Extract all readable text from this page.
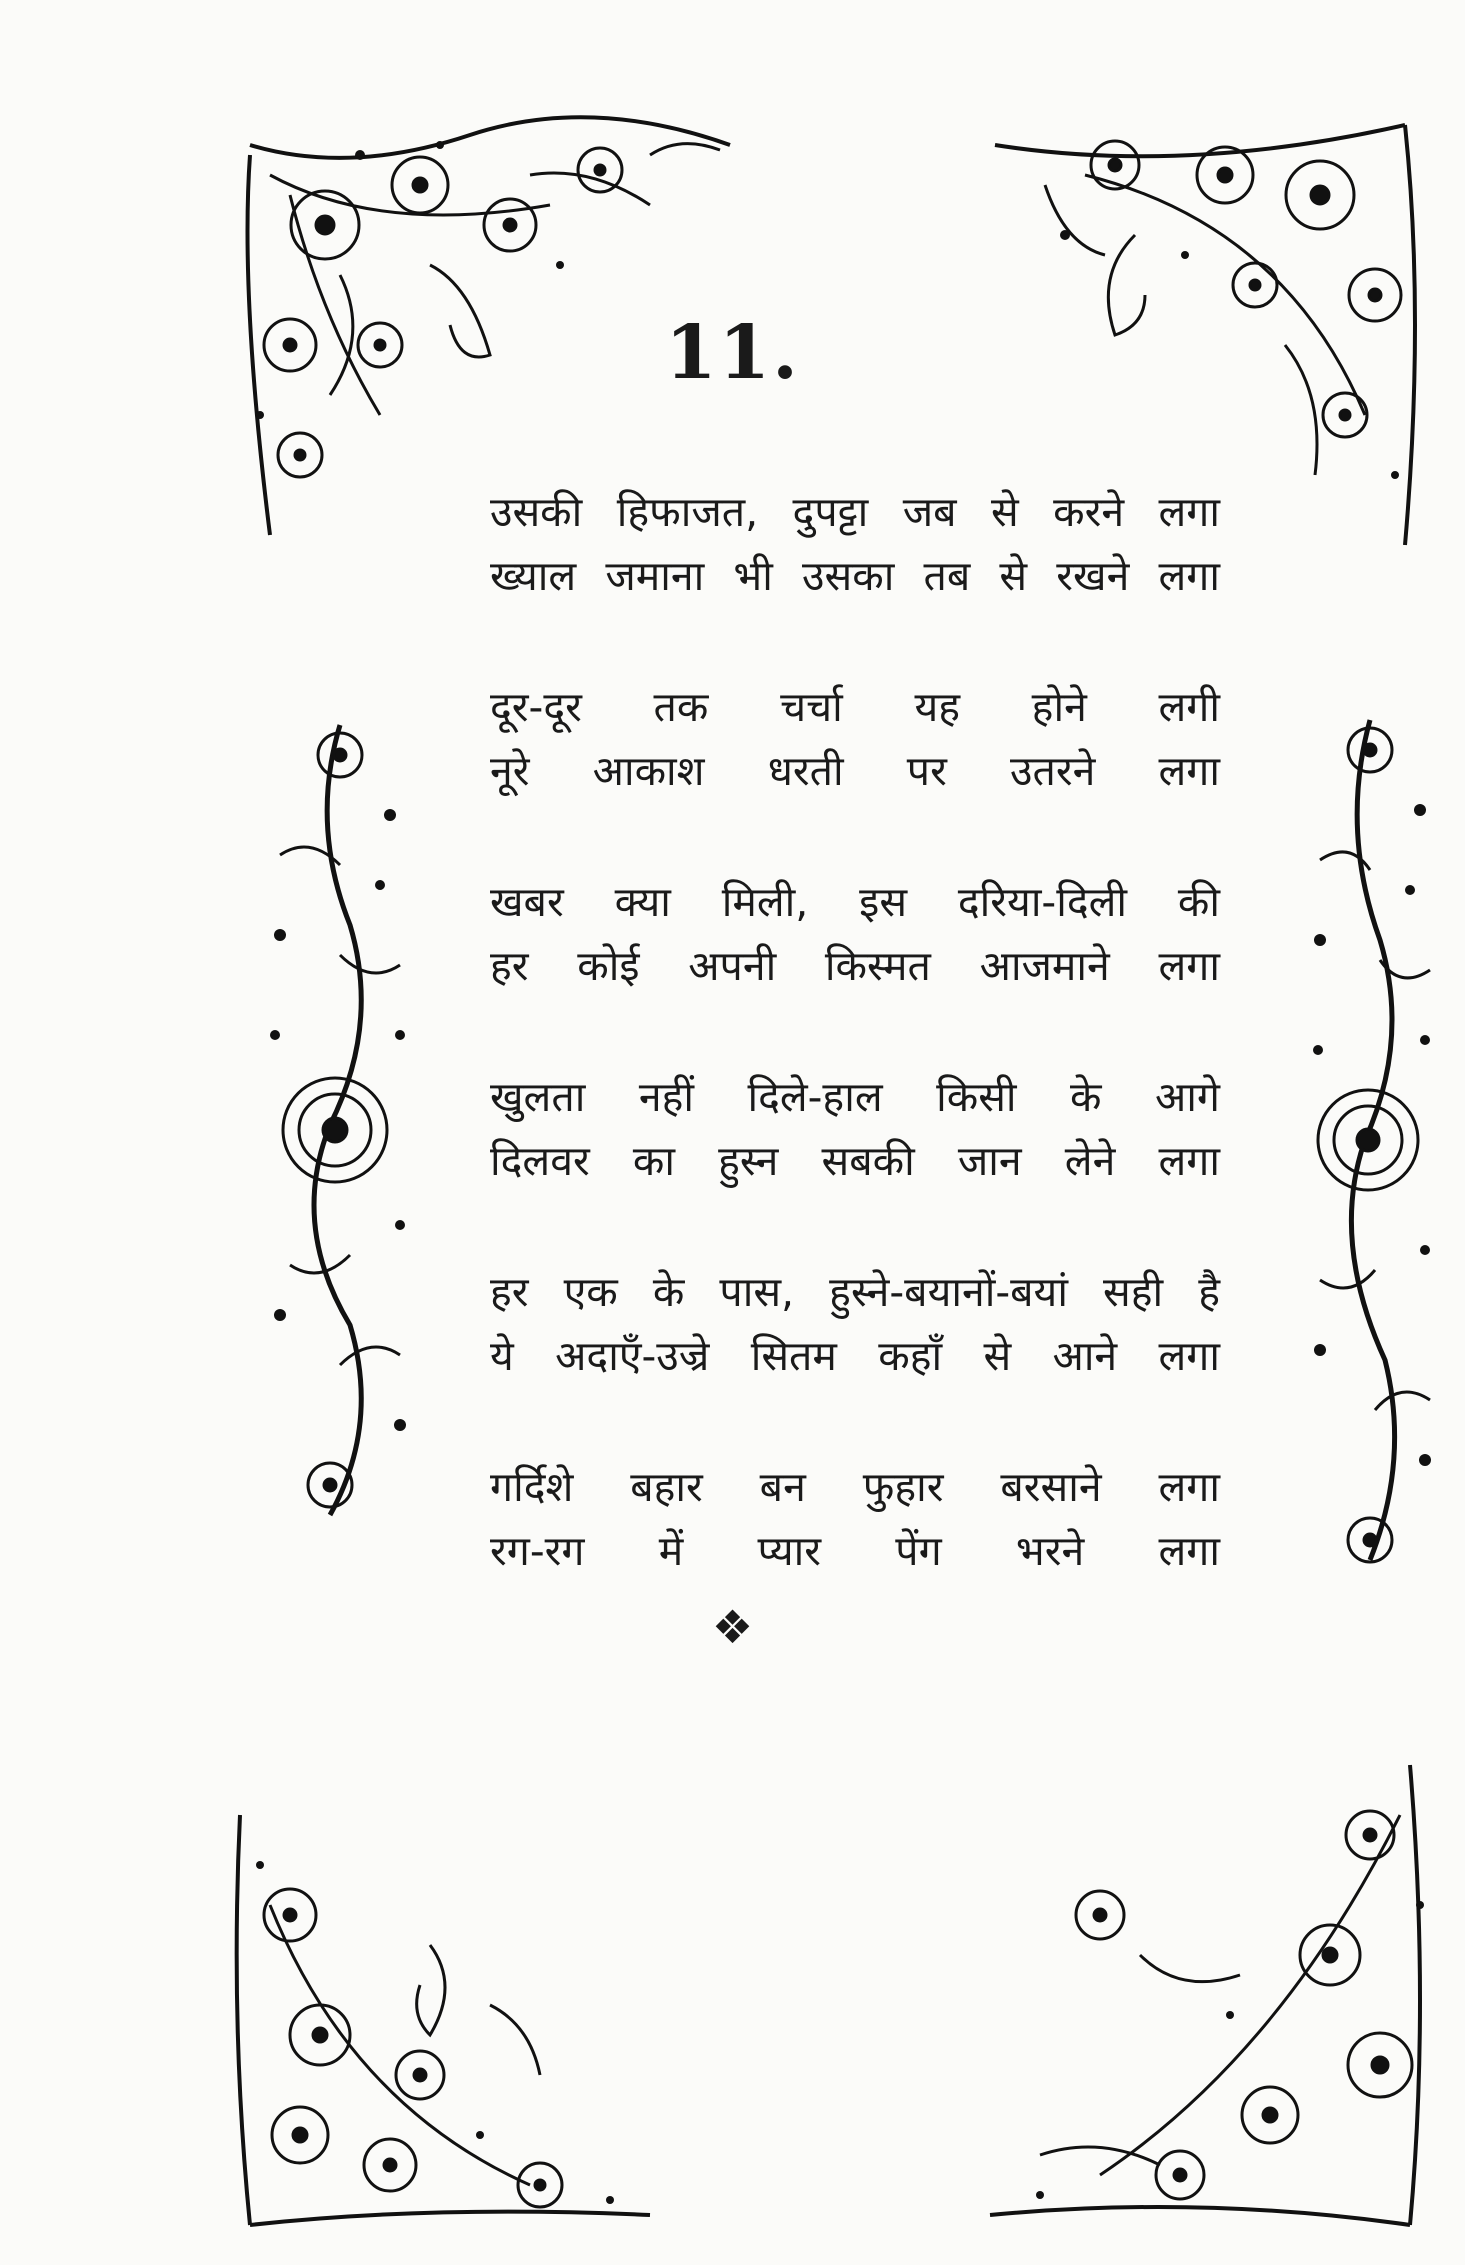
11.
उसकी हिफाजत, दुपट्टा जब से करने लगा
ख्याल जमाना भी उसका तब से रखने लगा
दूर-दूर तक चर्चा यह होने लगी
नूरे आकाश धरती पर उतरने लगा
खबर क्या मिली, इस दरिया-दिली की
हर कोई अपनी किस्मत आजमाने लगा
खुलता नहीं दिले-हाल किसी के आगे
दिलवर का हुस्न सबकी जान लेने लगा
हर एक के पास, हुस्ने-बयानों-बयां सही है
ये अदाएँ-उज्रे सितम कहाँ से आने लगा
गर्दिशे बहार बन फुहार बरसाने लगा
रग-रग में प्यार पेंग भरने लगा
❖
